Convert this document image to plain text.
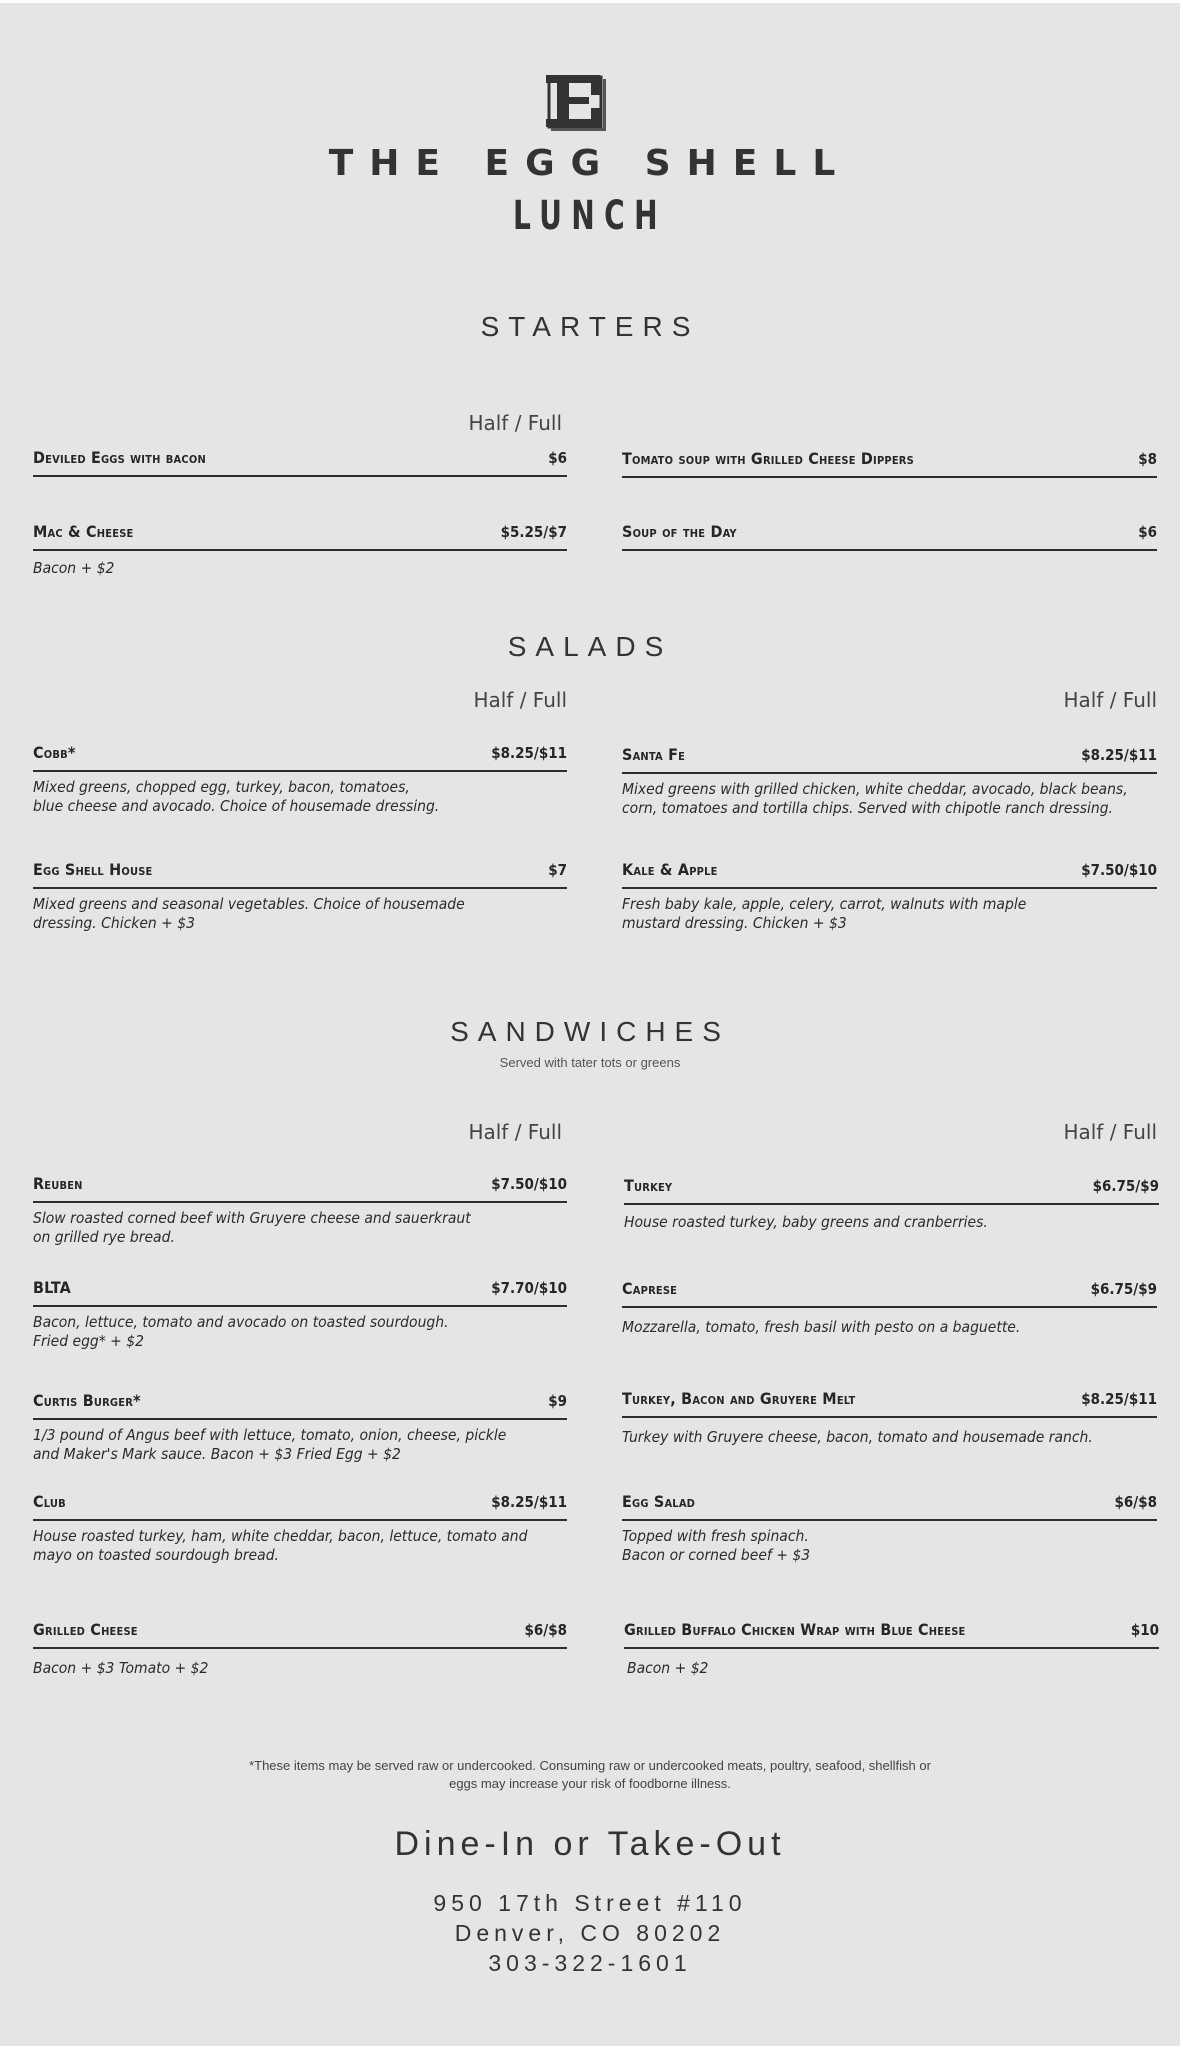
THE EGG SHELL
LUNCH
STARTERS
Half / Full
Deviled Eggs with bacon	$6
Mac & Cheese	$5.25/$7
Bacon + $2
Tomato soup with Grilled Cheese Dippers	$8
Soup of the Day	$6
SALADS
Half / Full	Half / Full
Cobb*	$8.25/$11
Mixed greens, chopped egg, turkey, bacon, tomatoes,
blue cheese and avocado. Choice of housemade dressing.
Egg Shell House	$7
Mixed greens and seasonal vegetables. Choice of housemade
dressing. Chicken + $3
Santa Fe	$8.25/$11
Mixed greens with grilled chicken, white cheddar, avocado, black beans,
corn, tomatoes and tortilla chips. Served with chipotle ranch dressing.
Kale & Apple	$7.50/$10
Fresh baby kale, apple, celery, carrot, walnuts with maple
mustard dressing. Chicken + $3
SANDWICHES
Served with tater tots or greens
Half / Full	Half / Full
Reuben	$7.50/$10
Slow roasted corned beef with Gruyere cheese and sauerkraut
on grilled rye bread.
BLTA	$7.70/$10
Bacon, lettuce, tomato and avocado on toasted sourdough.
Fried egg* + $2
Curtis Burger*	$9
1/3 pound of Angus beef with lettuce, tomato, onion, cheese, pickle
and Maker's Mark sauce. Bacon + $3 Fried Egg + $2
Club	$8.25/$11
House roasted turkey, ham, white cheddar, bacon, lettuce, tomato and
mayo on toasted sourdough bread.
Grilled Cheese	$6/$8
Bacon + $3 Tomato + $2
Turkey	$6.75/$9
House roasted turkey, baby greens and cranberries.
Caprese	$6.75/$9
Mozzarella, tomato, fresh basil with pesto on a baguette.
Turkey, Bacon and Gruyere Melt	$8.25/$11
Turkey with Gruyere cheese, bacon, tomato and housemade ranch.
Egg Salad	$6/$8
Topped with fresh spinach.
Bacon or corned beef + $3
Grilled Buffalo Chicken Wrap with Blue Cheese	$10
Bacon + $2
*These items may be served raw or undercooked. Consuming raw or undercooked meats, poultry, seafood, shellfish or
eggs may increase your risk of foodborne illness.
Dine-In or Take-Out
950 17th Street #110
Denver, CO 80202
303-322-1601
